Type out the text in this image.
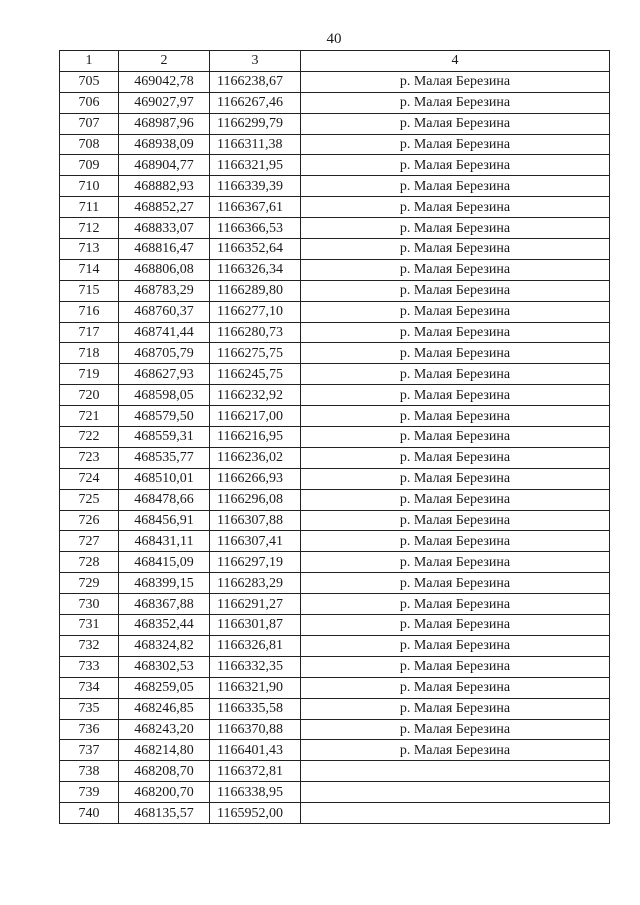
40
1	2	3	4
705	469042,78	1166238,67	р. Малая Березина
706	469027,97	1166267,46	р. Малая Березина
707	468987,96	1166299,79	р. Малая Березина
708	468938,09	1166311,38	р. Малая Березина
709	468904,77	1166321,95	р. Малая Березина
710	468882,93	1166339,39	р. Малая Березина
711	468852,27	1166367,61	р. Малая Березина
712	468833,07	1166366,53	р. Малая Березина
713	468816,47	1166352,64	р. Малая Березина
714	468806,08	1166326,34	р. Малая Березина
715	468783,29	1166289,80	р. Малая Березина
716	468760,37	1166277,10	р. Малая Березина
717	468741,44	1166280,73	р. Малая Березина
718	468705,79	1166275,75	р. Малая Березина
719	468627,93	1166245,75	р. Малая Березина
720	468598,05	1166232,92	р. Малая Березина
721	468579,50	1166217,00	р. Малая Березина
722	468559,31	1166216,95	р. Малая Березина
723	468535,77	1166236,02	р. Малая Березина
724	468510,01	1166266,93	р. Малая Березина
725	468478,66	1166296,08	р. Малая Березина
726	468456,91	1166307,88	р. Малая Березина
727	468431,11	1166307,41	р. Малая Березина
728	468415,09	1166297,19	р. Малая Березина
729	468399,15	1166283,29	р. Малая Березина
730	468367,88	1166291,27	р. Малая Березина
731	468352,44	1166301,87	р. Малая Березина
732	468324,82	1166326,81	р. Малая Березина
733	468302,53	1166332,35	р. Малая Березина
734	468259,05	1166321,90	р. Малая Березина
735	468246,85	1166335,58	р. Малая Березина
736	468243,20	1166370,88	р. Малая Березина
737	468214,80	1166401,43	р. Малая Березина
738	468208,70	1166372,81	
739	468200,70	1166338,95	
740	468135,57	1165952,00	
